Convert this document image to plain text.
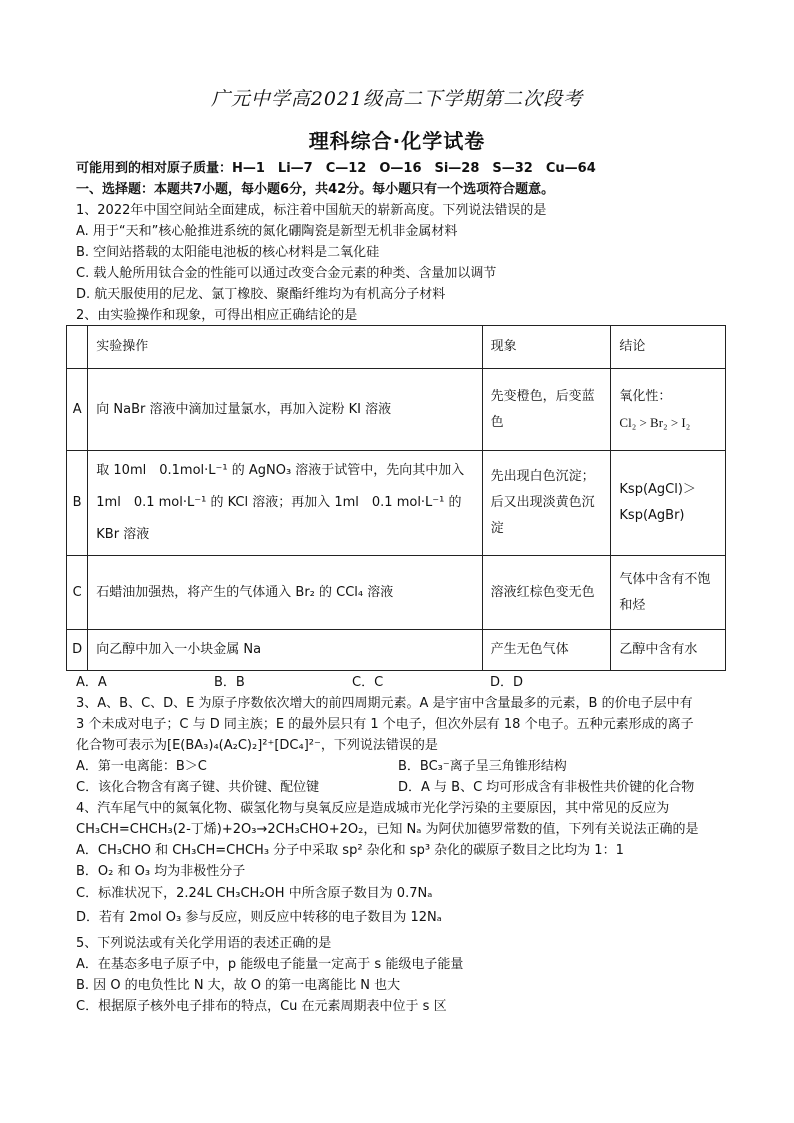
广元中学高2021级高二下学期第二次段考
理科综合·化学试卷
可能用到的相对原子质量：H—1　Li—7　C—12　O—16　Si—28　S—32　Cu—64
一、选择题：本题共7小题，每小题6分，共42分。每小题只有一个选项符合题意。
1、2022年中国空间站全面建成，标注着中国航天的崭新高度。下列说法错误的是
A. 用于“天和”核心舱推进系统的氮化硼陶瓷是新型无机非金属材料
B. 空间站搭载的太阳能电池板的核心材料是二氧化硅
C. 载人舱所用钛合金的性能可以通过改变合金元素的种类、含量加以调节
D. 航天服使用的尼龙、氯丁橡胶、聚酯纤维均为有机高分子材料
2、由实验操作和现象，可得出相应正确结论的是
	实验操作	现象	结论
A	向 NaBr 溶液中滴加过量氯水，再加入淀粉 KI 溶液	先变橙色，后变蓝色	氧化性：
Cl₂ > Br₂ > I₂

B	取 10ml　0.1mol·L⁻¹ 的 AgNO₃ 溶液于试管中，先向其中加入 1ml　0.1 mol·L⁻¹ 的 KCl 溶液；再加入 1ml　0.1 mol·L⁻¹ 的 KBr 溶液	先出现白色沉淀；后又出现淡黄色沉淀	Ksp(AgCl)＞
Ksp(AgBr)

C	石蜡油加强热，将产生的气体通入 Br₂ 的 CCl₄ 溶液	溶液红棕色变无色	气体中含有不饱和烃

D	向乙醇中加入一小块金属 Na	产生无色气体	乙醇中含有水
A．A	B．B	C．C	D．D
3、A、B、C、D、E 为原子序数依次增大的前四周期元素。A 是宇宙中含量最多的元素，B 的价电子层中有
3 个未成对电子；C 与 D 同主族；E 的最外层只有 1 个电子，但次外层有 18 个电子。五种元素形成的离子
化合物可表示为[E(BA₃)₄(A₂C)₂]²⁺[DC₄]²⁻，下列说法错误的是
A．第一电离能：B＞C	B．BC₃⁻离子呈三角锥形结构
C．该化合物含有离子键、共价键、配位键	D．A 与 B、C 均可形成含有非极性共价键的化合物
4、汽车尾气中的氮氧化物、碳氢化物与臭氧反应是造成城市光化学污染的主要原因，其中常见的反应为
CH₃CH=CHCH₃(2-丁烯)+2O₃→2CH₃CHO+2O₂，已知 Nₐ 为阿伏加德罗常数的值，下列有关说法正确的是
A．CH₃CHO 和 CH₃CH=CHCH₃ 分子中采取 sp² 杂化和 sp³ 杂化的碳原子数目之比均为 1：1
B．O₂ 和 O₃ 均为非极性分子
C．标准状况下，2.24L CH₃CH₂OH 中所含原子数目为 0.7Nₐ
D．若有 2mol O₃ 参与反应，则反应中转移的电子数目为 12Nₐ
5、下列说法或有关化学用语的表述正确的是
A．在基态多电子原子中，p 能级电子能量一定高于 s 能级电子能量
B. 因 O 的电负性比 N 大，故 O 的第一电离能比 N 也大
C．根据原子核外电子排布的特点，Cu 在元素周期表中位于 s 区
